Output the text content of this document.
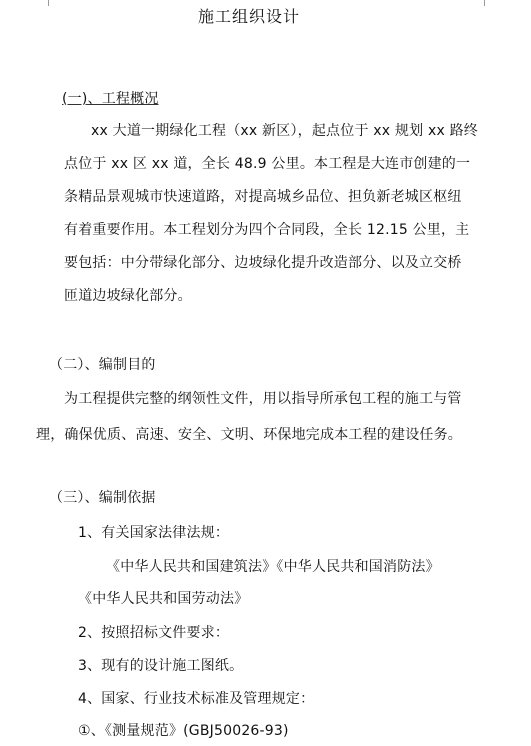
施工组织设计
(一)、工程概况
xx 大道一期绿化工程（xx 新区），起点位于 xx 规划 xx 路终
点位于 xx 区 xx 道，全长 48.9 公里。本工程是大连市创建的一
条精品景观城市快速道路，对提高城乡品位、担负新老城区枢纽
有着重要作用。本工程划分为四个合同段，全长 12.15 公里，主
要包括：中分带绿化部分、边坡绿化提升改造部分、以及立交桥
匝道边坡绿化部分。
（二）、编制目的
为工程提供完整的纲领性文件，用以指导所承包工程的施工与管
理，确保优质、高速、安全、文明、环保地完成本工程的建设任务。
（三）、编制依据
1、有关国家法律法规：
《中华人民共和国建筑法》《中华人民共和国消防法》
《中华人民共和国劳动法》
2、按照招标文件要求：
3、现有的设计施工图纸。
4、国家、行业技术标准及管理规定：
①、《测量规范》(GBJ50026-93)
